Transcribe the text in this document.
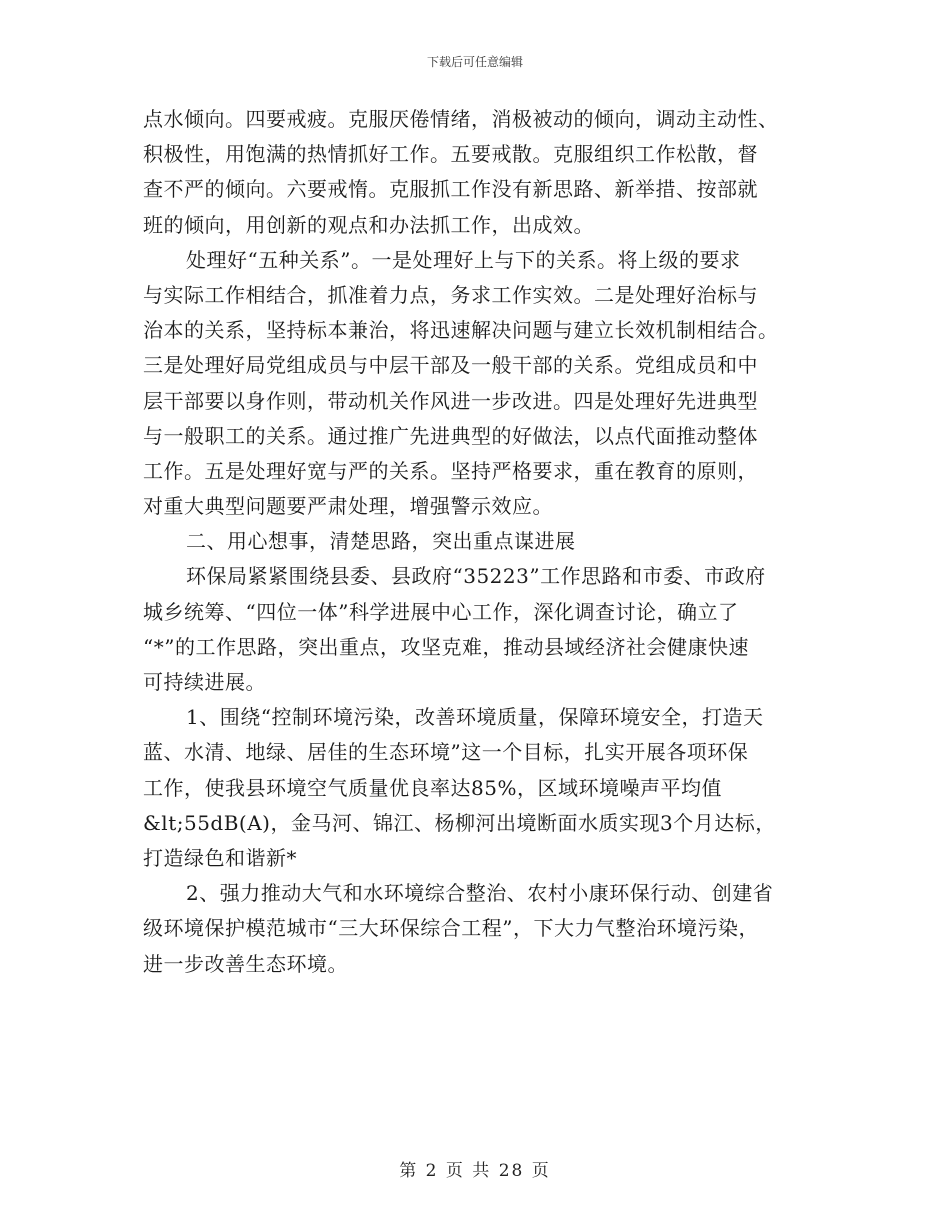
下载后可任意编辑
点水倾向。四要戒疲。克服厌倦情绪，消极被动的倾向，调动主动性、
积极性，用饱满的热情抓好工作。五要戒散。克服组织工作松散，督
查不严的倾向。六要戒惰。克服抓工作没有新思路、新举措、按部就
班的倾向，用创新的观点和办法抓工作，出成效。
处理好“五种关系”。一是处理好上与下的关系。将上级的要求
与实际工作相结合，抓准着力点，务求工作实效。二是处理好治标与
治本的关系，坚持标本兼治，将迅速解决问题与建立长效机制相结合。
三是处理好局党组成员与中层干部及一般干部的关系。党组成员和中
层干部要以身作则，带动机关作风进一步改进。四是处理好先进典型
与一般职工的关系。通过推广先进典型的好做法，以点代面推动整体
工作。五是处理好宽与严的关系。坚持严格要求，重在教育的原则，
对重大典型问题要严肃处理，增强警示效应。
二、用心想事，清楚思路，突出重点谋进展
环保局紧紧围绕县委、县政府“35223”工作思路和市委、市政府
城乡统筹、“四位一体”科学进展中心工作，深化调查讨论，确立了
“*”的工作思路，突出重点，攻坚克难，推动县域经济社会健康快速
可持续进展。
1、围绕“控制环境污染，改善环境质量，保障环境安全，打造天
蓝、水清、地绿、居佳的生态环境”这一个目标，扎实开展各项环保
工作，使我县环境空气质量优良率达85%，区域环境噪声平均值
&lt;55dB(A)，金马河、锦江、杨柳河出境断面水质实现3个月达标，
打造绿色和谐新*
2、强力推动大气和水环境综合整治、农村小康环保行动、创建省
级环境保护模范城市“三大环保综合工程”，下大力气整治环境污染，
进一步改善生态环境。
第 2 页 共 28 页
